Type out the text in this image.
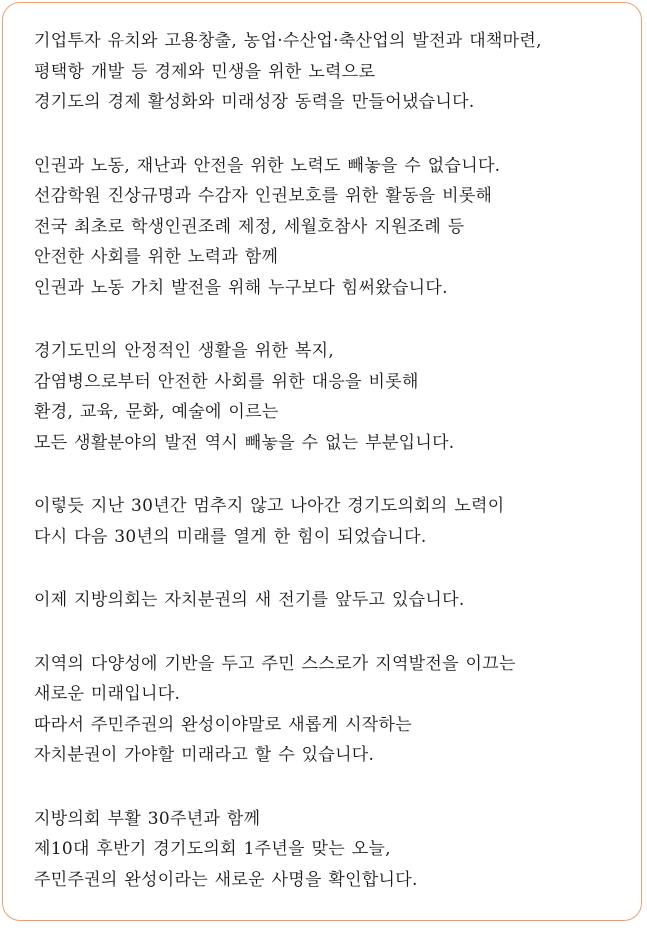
기업투자 유치와 고용창출, 농업·수산업·축산업의 발전과 대책마련,
평택항 개발 등 경제와 민생을 위한 노력으로
경기도의 경제 활성화와 미래성장 동력을 만들어냈습니다.
인권과 노동, 재난과 안전을 위한 노력도 빼놓을 수 없습니다.
선감학원 진상규명과 수감자 인권보호를 위한 활동을 비롯해
전국 최초로 학생인권조례 제정, 세월호참사 지원조례 등
안전한 사회를 위한 노력과 함께
인권과 노동 가치 발전을 위해 누구보다 힘써왔습니다.
경기도민의 안정적인 생활을 위한 복지,
감염병으로부터 안전한 사회를 위한 대응을 비롯해
환경, 교육, 문화, 예술에 이르는
모든 생활분야의 발전 역시 빼놓을 수 없는 부분입니다.
이렇듯 지난 30년간 멈추지 않고 나아간 경기도의회의 노력이
다시 다음 30년의 미래를 열게 한 힘이 되었습니다.
이제 지방의회는 자치분권의 새 전기를 앞두고 있습니다.
지역의 다양성에 기반을 두고 주민 스스로가 지역발전을 이끄는
새로운 미래입니다.
따라서 주민주권의 완성이야말로 새롭게 시작하는
자치분권이 가야할 미래라고 할 수 있습니다.
지방의회 부활 30주년과 함께
제10대 후반기 경기도의회 1주년을 맞는 오늘,
주민주권의 완성이라는 새로운 사명을 확인합니다.
